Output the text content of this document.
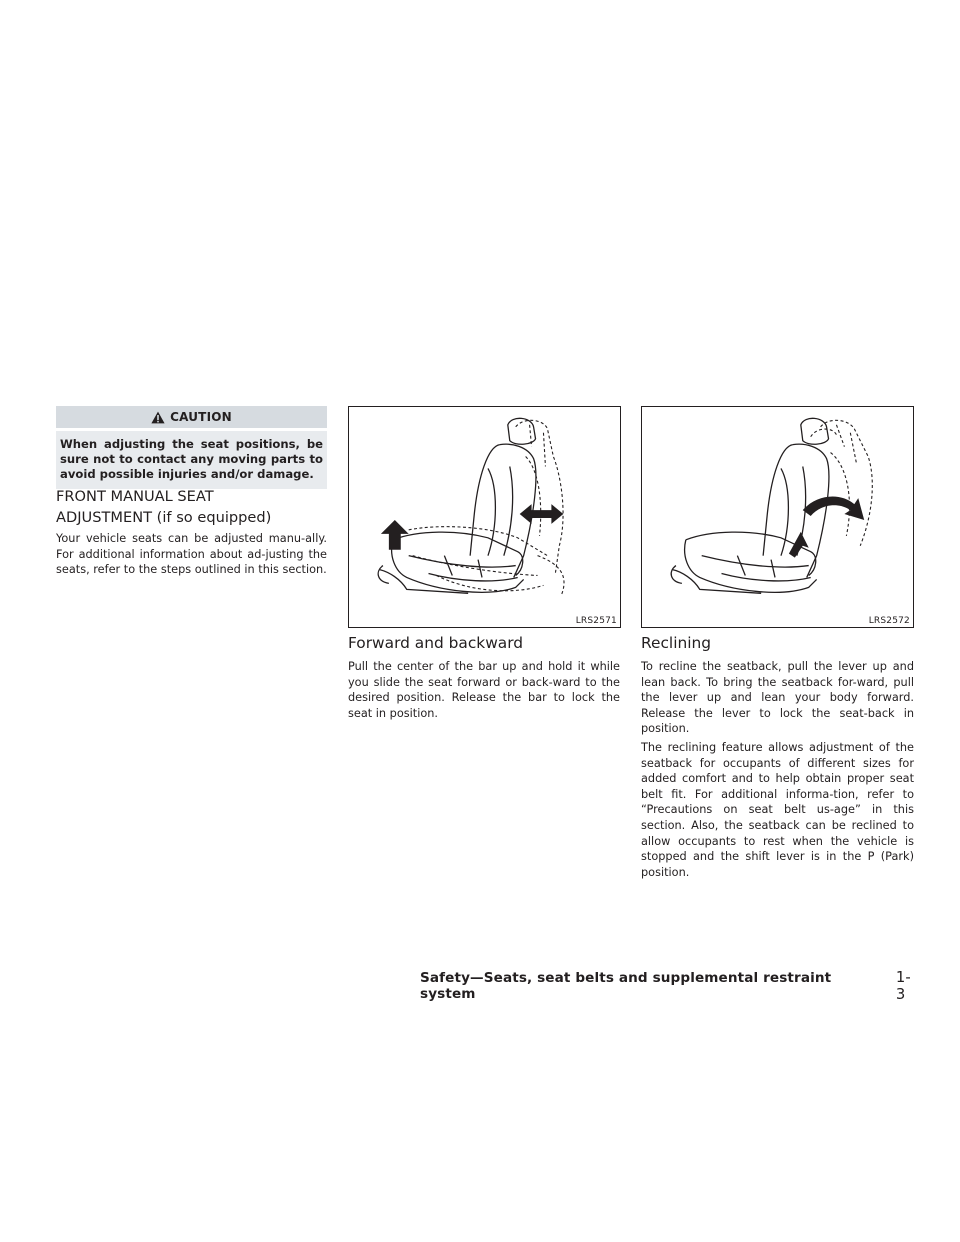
CAUTION
When adjusting the seat positions, be sure not to contact any moving parts to avoid possible injuries and/or damage.
FRONT MANUAL SEAT
ADJUSTMENT (if so equipped)
Your vehicle seats can be adjusted manu-ally. For additional information about ad-justing the seats, refer to the steps outlined in this section.
LRS2571
Forward and backward
Pull the center of the bar up and hold it while you slide the seat forward or back-ward to the desired position. Release the bar to lock the seat in position.
LRS2572
Reclining
To recline the seatback, pull the lever up and lean back. To bring the seatback for-ward, pull the lever up and lean your body forward. Release the lever to lock the seat-back in position.
The reclining feature allows adjustment of the seatback for occupants of different sizes for added comfort and to help obtain proper seat belt fit. For additional informa-tion, refer to “Precautions on seat belt us-age” in this section. Also, the seatback can be reclined to allow occupants to rest when the vehicle is stopped and the shift lever is in the P (Park) position.
Safety—Seats, seat belts and supplemental restraint system
1-3
